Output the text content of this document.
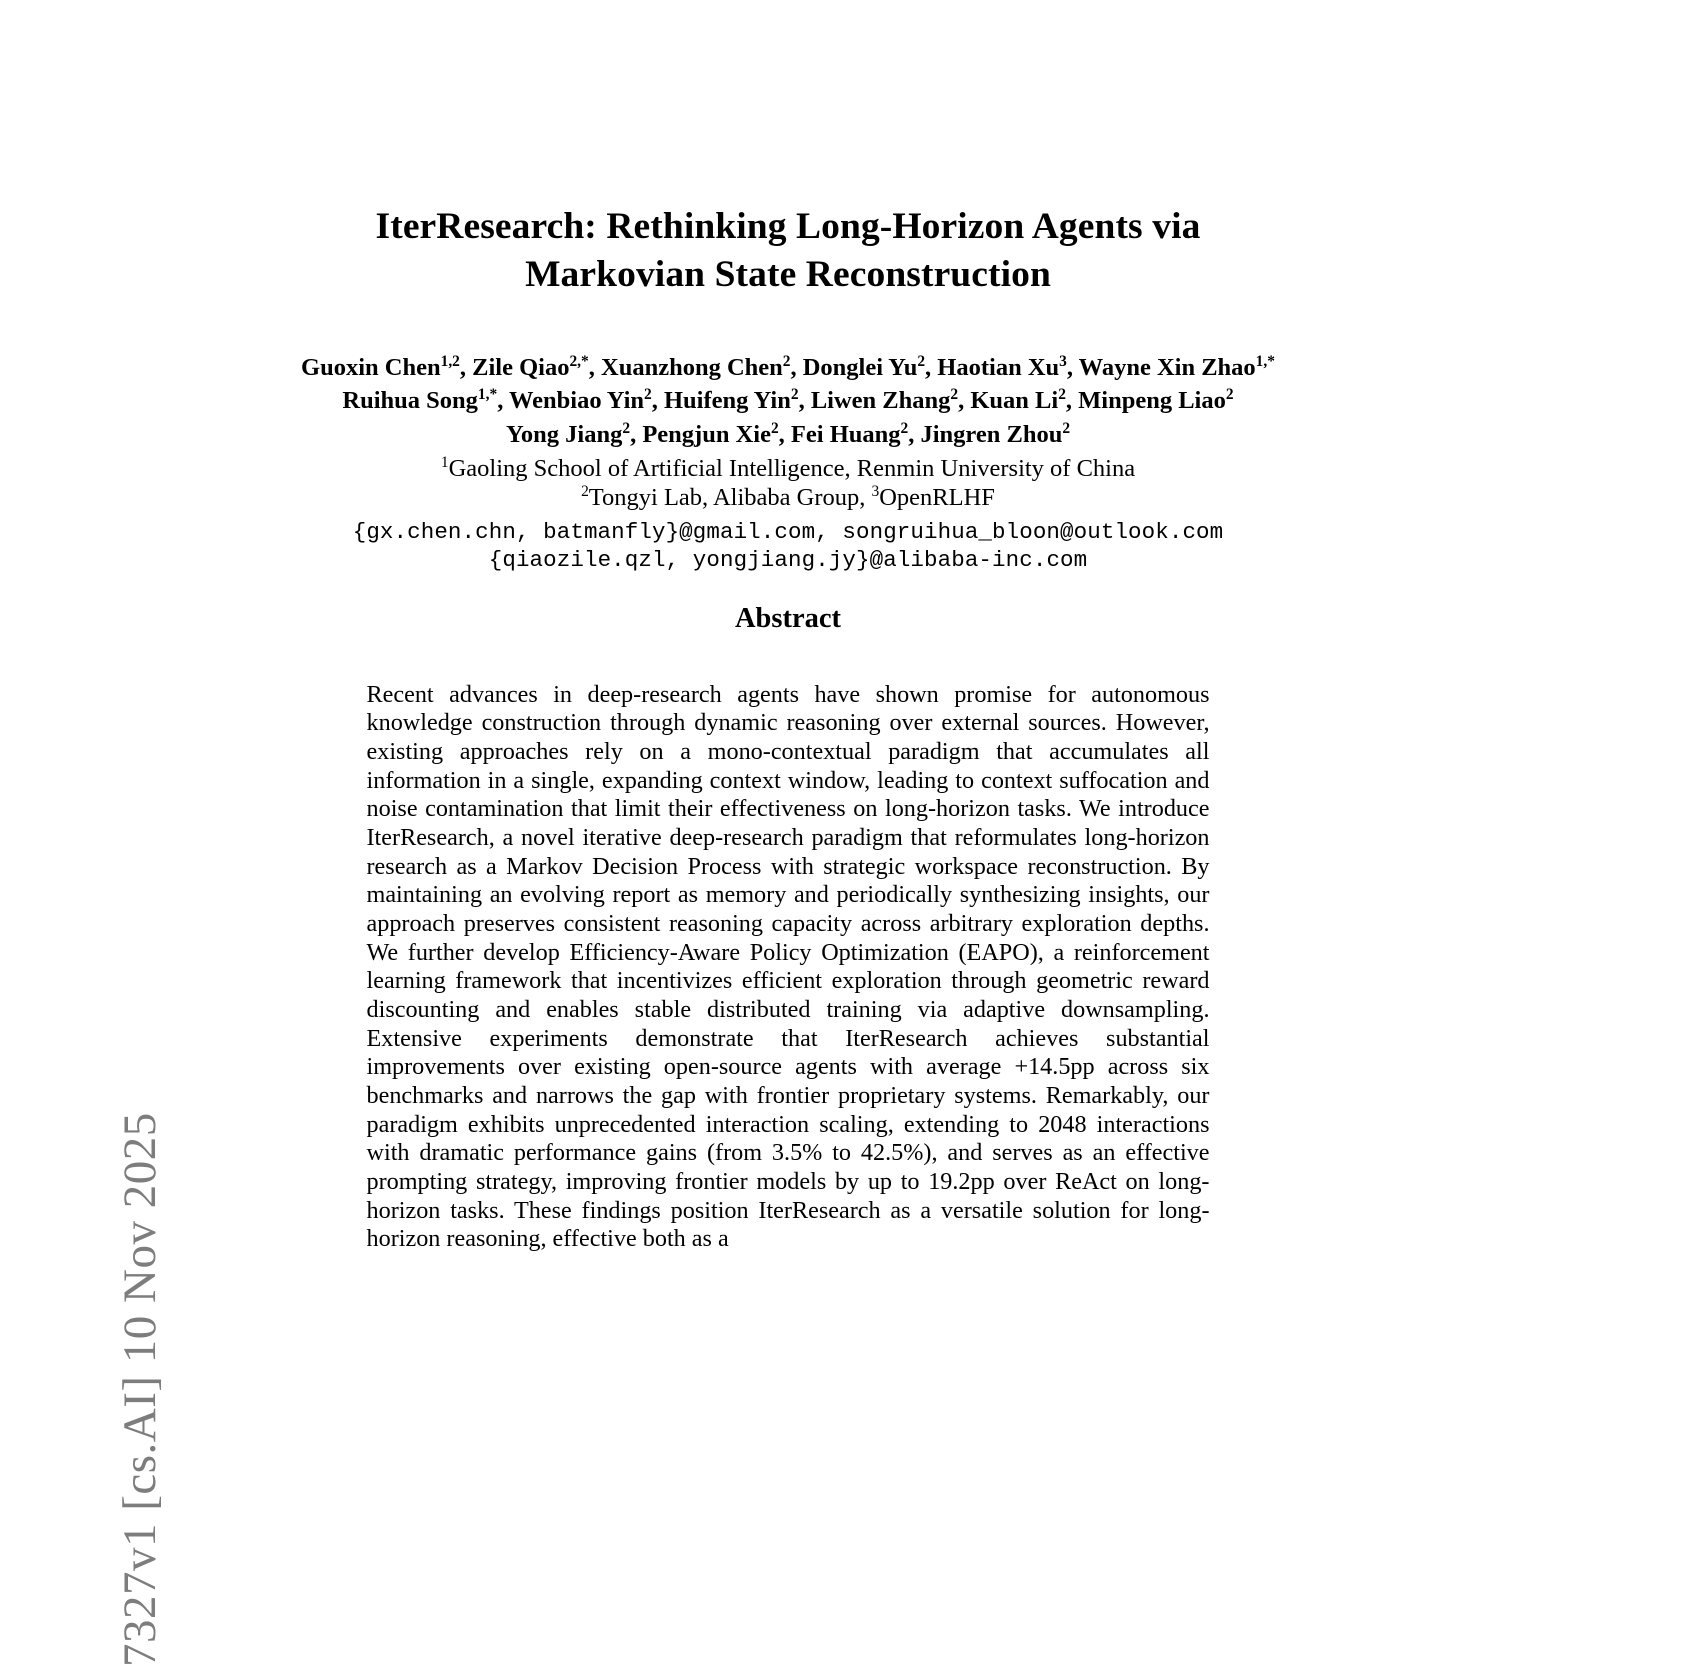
7327v1 [cs.AI] 10 Nov 2025
IterResearch: Rethinking Long-Horizon Agents via Markovian State Reconstruction
Guoxin Chen$^{1,2}$, Zile Qiao$^{2,*}$, Xuanzhong Chen$^2$, Donglei Yu$^2$, Haotian Xu$^3$, Wayne Xin Zhao$^{1,*}$
Ruihua Song$^{1,*}$, Wenbiao Yin$^2$, Huifeng Yin$^2$, Liwen Zhang$^2$, Kuan Li$^2$, Minpeng Liao$^2$
Yong Jiang$^2$, Pengjun Xie$^2$, Fei Huang$^2$, Jingren Zhou$^2$
$^1$Gaoling School of Artificial Intelligence, Renmin University of China
$^2$Tongyi Lab, Alibaba Group, $^3$OpenRLHF
{gx.chen.chn, batmanfly}@gmail.com, songruihua_bloon@outlook.com
{qiaozile.qzl, yongjiang.jy}@alibaba-inc.com
Abstract

Recent advances in deep-research agents have shown promise for autonomous knowledge construction through dynamic reasoning over external sources. However, existing approaches rely on a mono-contextual paradigm that accumulates all information in a single, expanding context window, leading to context suffocation and noise contamination that limit their effectiveness on long-horizon tasks. We introduce IterResearch, a novel iterative deep-research paradigm that reformulates long-horizon research as a Markov Decision Process with strategic workspace reconstruction. By maintaining an evolving report as memory and periodically synthesizing insights, our approach preserves consistent reasoning capacity across arbitrary exploration depths. We further develop Efficiency-Aware Policy Optimization (EAPO), a reinforcement learning framework that incentivizes efficient exploration through geometric reward discounting and enables stable distributed training via adaptive downsampling. Extensive experiments demonstrate that IterResearch achieves substantial improvements over existing open-source agents with average +14.5pp across six benchmarks and narrows the gap with frontier proprietary systems. Remarkably, our paradigm exhibits unprecedented interaction scaling, extending to 2048 interactions with dramatic performance gains (from 3.5% to 42.5%), and serves as an effective prompting strategy, improving frontier models by up to 19.2pp over ReAct on long-horizon tasks. These findings position IterResearch as a versatile solution for long-horizon reasoning, effective both as a
